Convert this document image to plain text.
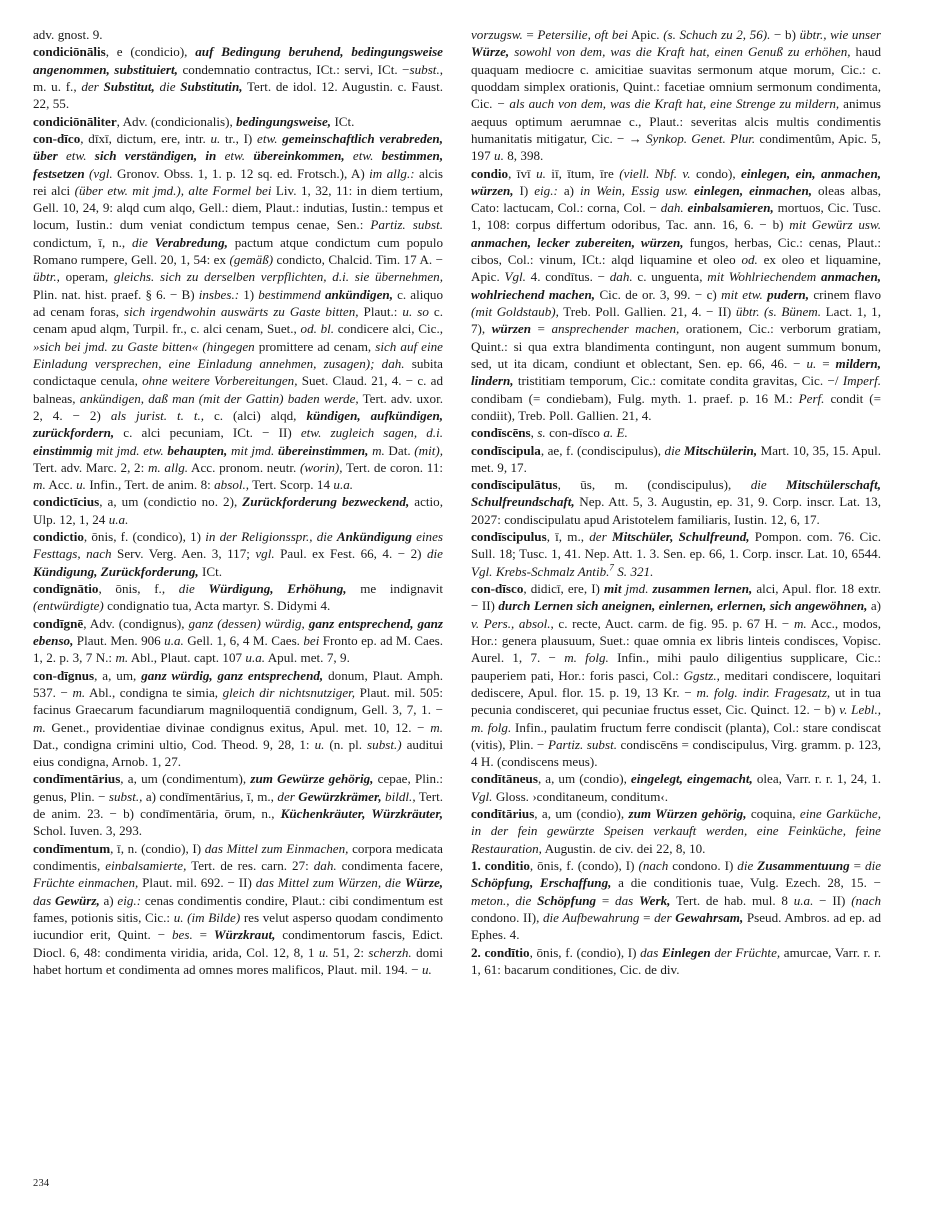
adv. gnost. 9.

condiciōnālis, e (condicio), auf Bedingung beruhend, bedingungsweise angenommen, substituiert, condemnatio contractus, ICt.: servi, ICt. −subst., m. u. f., der Substitut, die Substitutin, Tert. de idol. 12. Augustin. c. Faust. 22, 55.

condiciōnāliter, Adv. (condicionalis), bedingungsweise, ICt.

con-dīco, dīxī, dictum, ere, intr. u. tr., I) etw. gemeinschaftlich verabreden, über etw. sich verständigen, in etw. übereinkommen, etw. bestimmen, festsetzen (vgl. Gronov. Obss. 1, 1. p. 12 sq. ed. Frotsch.), A) im allg.: alcis rei alci (über etw. mit jmd.), alte Formel bei Liv. 1, 32, 11: in diem tertium, Gell. 10, 24, 9: alqd cum alqo, Gell.: diem, Plaut.: indutias, Iustin.: tempus et locum, Iustin.: dum veniat condictum tempus cenae, Sen.: Partiz. subst. condictum, ī, n., die Verabredung, pactum atque condictum cum populo Romano rumpere, Gell. 20, 1, 54: ex (gemäß) condicto, Chalcid. Tim. 17 A. − übtr., operam, gleichs. sich zu derselben verpflichten, d.i. sie übernehmen, Plin. nat. hist. praef. § 6. − B) insbes.: 1) bestimmend ankündigen, c. aliquo ad cenam foras, sich irgendwohin auswärts zu Gaste bitten, Plaut.: u. so c. cenam apud alqm, Turpil. fr., c. alci cenam, Suet., od. bl. condicere alci, Cic., »sich bei jmd. zu Gaste bitten« (hingegen promittere ad cenam, sich auf eine Einladung versprechen, eine Einladung annehmen, zusagen); dah. subita condictaque cenula, ohne weitere Vorbereitungen, Suet. Claud. 21, 4. − c. ad balneas, ankündigen, daß man (mit der Gattin) baden werde, Tert. adv. uxor. 2, 4. − 2) als jurist. t. t., c. (alci) alqd, kündigen, aufkündigen, zurückfordern, c. alci pecuniam, ICt. − II) etw. zugleich sagen, d.i. einstimmig mit jmd. etw. behaupten, mit jmd. übereinstimmen, m. Dat. (mit), Tert. adv. Marc. 2, 2: m. allg. Acc. pronom. neutr. (worin), Tert. de coron. 11: m. Acc. u. Infin., Tert. de anim. 8: absol., Tert. Scorp. 14 u.a.

condictīcius, a, um (condictio no. 2), Zurückforderung bezweckend, actio, Ulp. 12, 1, 24 u.a.

condictio, ōnis, f. (condico), 1) in der Religionsspr., die Ankündigung eines Festtags, nach Serv. Verg. Aen. 3, 117; vgl. Paul. ex Fest. 66, 4. − 2) die Kündigung, Zurückforderung, ICt.

condīgnātio, ōnis, f., die Würdigung, Erhöhung, me indignavit (entwürdigte) condignatio tua, Acta martyr. S. Didymi 4.

condīgnē, Adv. (condignus), ganz (dessen) würdig, ganz entsprechend, ganz ebenso, Plaut. Men. 906 u.a. Gell. 1, 6, 4 M. Caes. bei Fronto ep. ad M. Caes. 1, 2. p. 3, 7 N.: m. Abl., Plaut. capt. 107 u.a. Apul. met. 7, 9.

con-dīgnus, a, um, ganz würdig, ganz entsprechend, donum, Plaut. Amph. 537. − m. Abl., condigna te simia, gleich dir nichtsnutziger, Plaut. mil. 505: facinus Graecarum facundiarum magniloquentiā condignum, Gell. 3, 7, 1. − m. Genet., providentiae divinae condignus exitus, Apul. met. 10, 12. − m. Dat., condigna crimini ultio, Cod. Theod. 9, 28, 1: u. (n. pl. subst.) auditui eius condigna, Arnob. 1, 27.

condīmentārius, a, um (condimentum), zum Gewürze gehörig, cepae, Plin.: genus, Plin. − subst., a) condīmentārius, ī, m., der Gewürzkrämer, bildl., Tert. de anim. 23. − b) condīmentāria, ōrum, n., Küchenkräuter, Würzkräuter, Schol. Iuven. 3, 293.

condīmentum, ī, n. (condio), I) das Mittel zum Einmachen, corpora medicata condimentis, einbalsamierte, Tert. de res. carn. 27: dah. condimenta facere, Früchte einmachen, Plaut. mil. 692. − II) das Mittel zum Würzen, die Würze, das Gewürz, a) eig.: cenas condimentis condire, Plaut.: cibi condimentum est fames, potionis sitis, Cic.: u. (im Bilde) res velut asperso quodam condimento iucundior erit, Quint. − bes. = Würzkraut, condimentorum fascis, Edict. Diocl. 6, 48: condimenta viridia, arida, Col. 12, 8, 1 u. 51, 2: scherzh. domi habet hortum et condimenta ad omnes mores malificos, Plaut. mil. 194. − u.

vorzugsw. = Petersilie, oft bei Apic. (s. Schuch zu 2, 56). − b) übtr., wie unser Würze, sowohl von dem, was die Kraft hat, einen Genuß zu erhöhen, haud quaquam mediocre c. amicitiae suavitas sermonum atque morum, Cic.: c. quoddam simplex orationis, Quint.: facetiae omnium sermonum condimenta, Cic. − als auch von dem, was die Kraft hat, eine Strenge zu mildern, animus aequus optimum aerumnae c., Plaut.: severitas alcis multis condimentis humanitatis mitigatur, Cic. − → Synkop. Genet. Plur. condimentûm, Apic. 5, 197 u. 8, 398.

condio, īvī u. iī, ītum, īre (viell. Nbf. v. condo), einlegen, ein, anmachen, würzen, I) eig.: a) in Wein, Essig usw. einlegen, einmachen, oleas albas, Cato: lactucam, Col.: corna, Col. − dah. einbalsamieren, mortuos, Cic. Tusc. 1, 108: corpus differtum odoribus, Tac. ann. 16, 6. − b) mit Gewürz usw. anmachen, lecker zubereiten, würzen, fungos, herbas, Cic.: cenas, Plaut.: cibos, Col.: vinum, ICt.: alqd liquamine et oleo od. ex oleo et liquamine, Apic. Vgl. 4. condītus. − dah. c. unguenta, mit Wohlriechendem anmachen, wohlriechend machen, Cic. de or. 3, 99. − c) mit etw. pudern, crinem flavo (mit Goldstaub), Treb. Poll. Gallien. 21, 4. − II) übtr. (s. Bünem. Lact. 1, 1, 7), würzen = ansprechender machen, orationem, Cic.: verborum gratiam, Quint.: si qua extra blandimenta contingunt, non augent summum bonum, sed, ut ita dicam, condiunt et oblectant, Sen. ep. 66, 46. − u. = mildern, lindern, tristitiam temporum, Cic.: comitate condita gravitas, Cic. −/ Imperf. condibam (= condiebam), Fulg. myth. 1. praef. p. 16 M.: Perf. condit (= condiit), Treb. Poll. Gallien. 21, 4.

condīscēns, s. con-dīsco a. E.

condīscipula, ae, f. (condiscipulus), die Mitschülerin, Mart. 10, 35, 15. Apul. met. 9, 17.

condīscipulātus, ūs, m. (condiscipulus), die Mitschülerschaft, Schulfreundschaft, Nep. Att. 5, 3. Augustin, ep. 31, 9. Corp. inscr. Lat. 13, 2027: condiscipulatu apud Aristotelem familiaris, Iustin. 12, 6, 17.

condīscipulus, ī, m., der Mitschüler, Schulfreund, Pompon. com. 76. Cic. Sull. 18; Tusc. 1, 41. Nep. Att. 1. 3. Sen. ep. 66, 1. Corp. inscr. Lat. 10, 6544. Vgl. Krebs-Schmalz Antib.$^7$ S. 321.

con-dīsco, didicī, ere, I) mit jmd. zusammen lernen, alci, Apul. flor. 18 extr. − II) durch Lernen sich aneignen, einlernen, erlernen, sich angewöhnen, a) v. Pers., absol., c. recte, Auct. carm. de fig. 95. p. 67 H. − m. Acc., modos, Hor.: genera plausuum, Suet.: quae omnia ex libris linteis condisces, Vopisc. Aurel. 1, 7. − m. folg. Infin., mihi paulo diligentius supplicare, Cic.: pauperiem pati, Hor.: foris pasci, Col.: Ggstz., meditari condiscere, loquitari dediscere, Apul. flor. 15. p. 19, 13 Kr. − m. folg. indir. Fragesatz, ut in tua pecunia condisceret, qui pecuniae fructus esset, Cic. Quinct. 12. − b) v. Lebl., m. folg. Infin., paulatim fructum ferre condiscit (planta), Col.: stare condiscat (vitis), Plin. − Partiz. subst. condiscēns = condiscipulus, Virg. gramm. p. 123, 4 H. (condiscens meus).

condītāneus, a, um (condio), eingelegt, eingemacht, olea, Varr. r. r. 1, 24, 1. Vgl. Gloss. ›conditaneum, conditum‹.

condītārius, a, um (condio), zum Würzen gehörig, coquina, eine Garküche, in der fein gewürzte Speisen verkauft werden, eine Feinküche, feine Restauration, Augustin. de civ. dei 22, 8, 10.

1. conditio, ōnis, f. (condo), I) (nach condono. I) die Zusammentuung = die Schöpfung, Erschaffung, a die conditionis tuae, Vulg. Ezech. 28, 15. − meton., die Schöpfung = das Werk, Tert. de hab. mul. 8 u.a. − II) (nach condono. II), die Aufbewahrung = der Gewahrsam, Pseud. Ambros. ad ep. ad Ephes. 4.

2. condītio, ōnis, f. (condio), I) das Einlegen der Früchte, amurcae, Varr. r. r. 1, 61: bacarum conditiones, Cic. de div.

234
